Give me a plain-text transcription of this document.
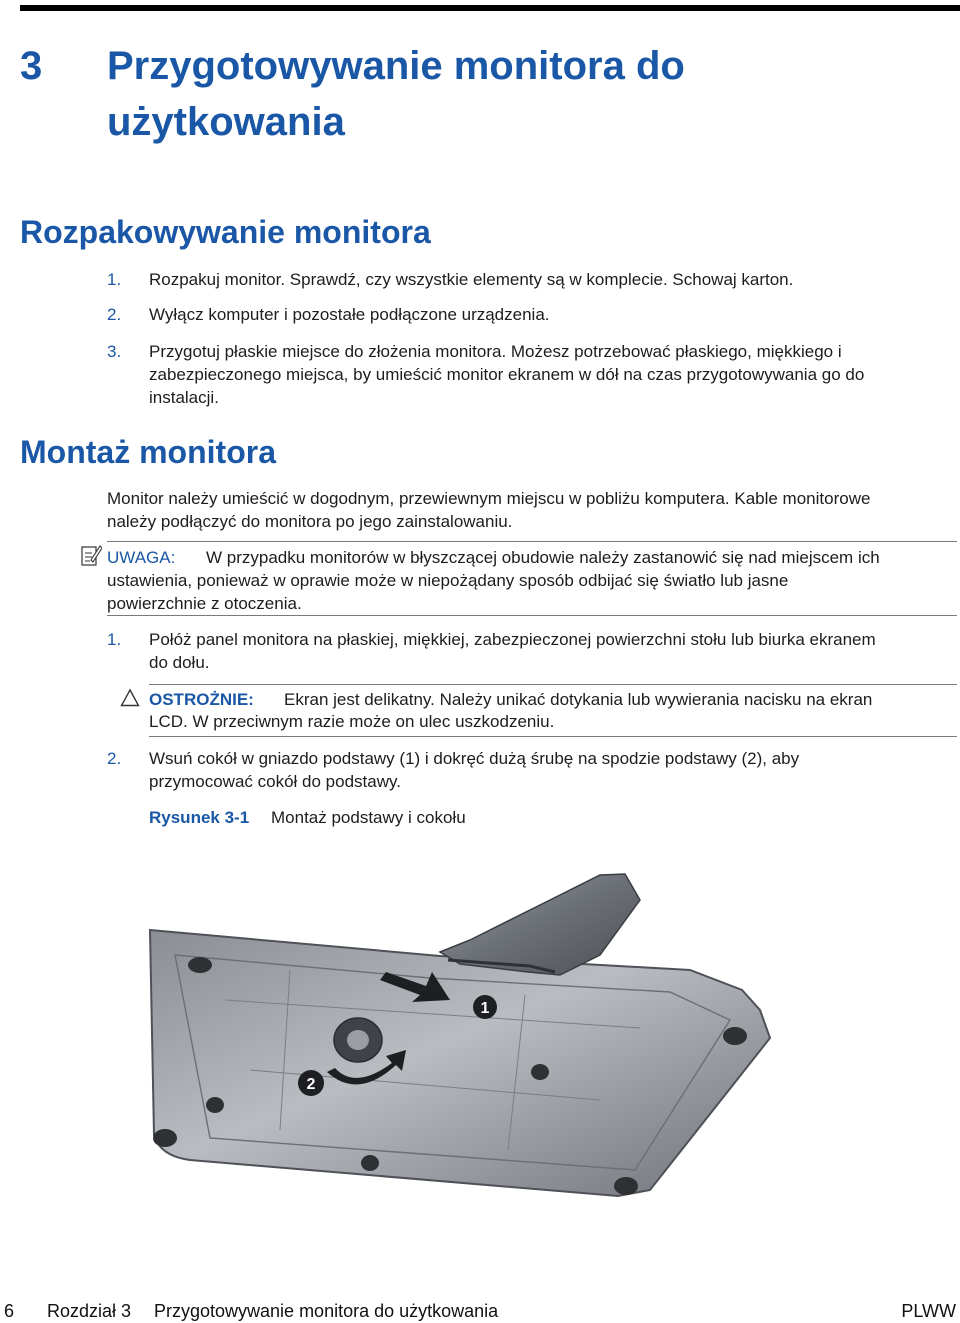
3 Przygotowywanie monitora do użytkowania
Rozpakowywanie monitora
1. Rozpakuj monitor. Sprawdź, czy wszystkie elementy są w komplecie. Schowaj karton.
2. Wyłącz komputer i pozostałe podłączone urządzenia.
3. Przygotuj płaskie miejsce do złożenia monitora. Możesz potrzebować płaskiego, miękkiego i
zabezpieczonego miejsca, by umieścić monitor ekranem w dół na czas przygotowywania go do
instalacji.
Montaż monitora
Monitor należy umieścić w dogodnym, przewiewnym miejscu w pobliżu komputera. Kable monitorowe
należy podłączyć do monitora po jego zainstalowaniu.
UWAGA: W przypadku monitorów w błyszczącej obudowie należy zastanowić się nad miejscem ich
ustawienia, ponieważ w oprawie może w niepożądany sposób odbijać się światło lub jasne
powierzchnie z otoczenia.
1. Połóż panel monitora na płaskiej, miękkiej, zabezpieczonej powierzchni stołu lub biurka ekranem
do dołu.
OSTROŻNIE: Ekran jest delikatny. Należy unikać dotykania lub wywierania nacisku na ekran
LCD. W przeciwnym razie może on ulec uszkodzeniu.
2. Wsuń cokół w gniazdo podstawy (1) i dokręć dużą śrubę na spodzie podstawy (2), aby
przymocować cokół do podstawy.
Rysunek 3-1 Montaż podstawy i cokołu
1
2
6 Rozdział 3 Przygotowywanie monitora do użytkowania	PLWW
